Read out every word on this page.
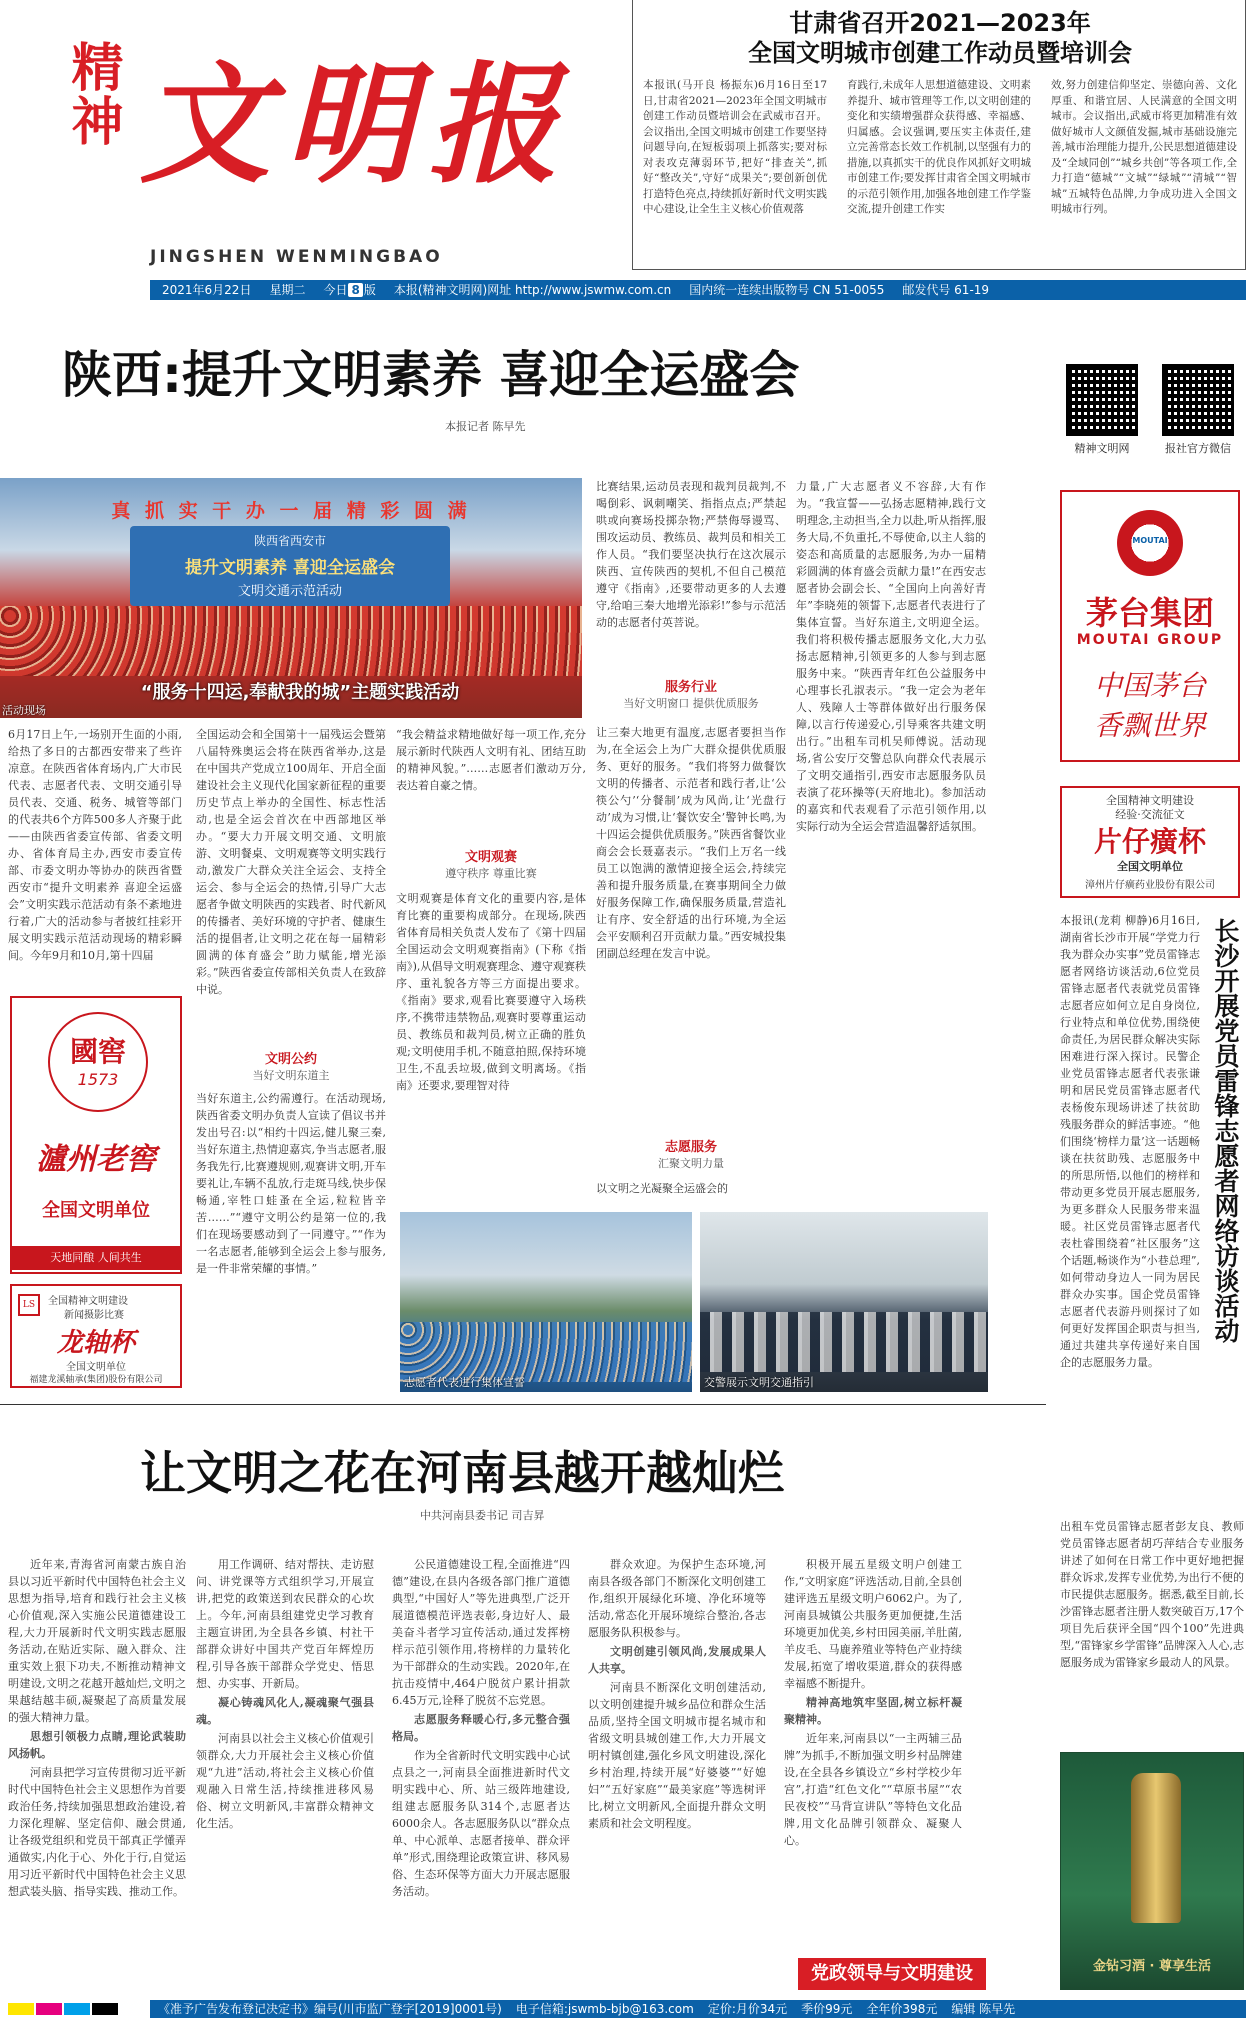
精神 文明报
JINGSHEN WENMINGBAO
甘肃省召开2021—2023年
全国文明城市创建工作动员暨培训会
本报讯(马开良 杨振东)6月16日至17日,甘肃省2021—2023年全国文明城市创建工作动员暨培训会在武威市召开。会议指出,全国文明城市创建工作要坚持问题导向,在短板弱项上抓落实;要对标对表攻克薄弱环节,把好“排查关”,抓好“整改关”,守好“成果关”;要创新创优打造特色亮点,持续抓好新时代文明实践中心建设,让全生主义核心价值观落
育践行,未成年人思想道德建设、文明素养提升、城市管理等工作,以文明创建的变化和实绩增强群众获得感、幸福感、归属感。会议强调,要压实主体责任,建立完善常态长效工作机制,以坚强有力的措施,以真抓实干的优良作风抓好文明城市创建工作;要发挥甘肃省全国文明城市的示范引领作用,加强各地创建工作学鉴交流,提升创建工作实
效,努力创建信仰坚定、崇德向善、文化厚重、和谐宜居、人民满意的全国文明城市。会议指出,武威市将更加精准有效做好城市人文颜值发掘,城市基础设施完善,城市治理能力提升,公民思想道德建设及“全域同创”“城乡共创”等各项工作,全力打造“德城”“文城”“绿城”“清城”“智城”五城特色品牌,力争成功进入全国文明城市行列。
2021年6月22日 星期二 今日 8 版 本报(精神文明网)网址 http://www.jswmw.com.cn 国内统一连续出版物号 CN 51-0055 邮发代号 61-19
陕西:提升文明素养 喜迎全运盛会
本报记者 陈早先
真 抓 实 干 办 一 届 精 彩 圆 满
陕西省西安市
提升文明素养 喜迎全运盛会
文明交通示范活动
“服务十四运,奉献我的城”主题实践活动
活动现场
6月17日上午,一场别开生面的小雨,给热了多日的古都西安带来了些许凉意。在陕西省体育场内,广大市民代表、志愿者代表、文明交通引导员代表、交通、税务、城管等部门的代表共6个方阵500多人齐聚于此——由陕西省委宣传部、省委文明办、省体育局主办,西安市委宣传部、市委文明办等协办的陕西省暨西安市“提升文明素养 喜迎全运盛会”文明实践示范活动有条不紊地进行着,广大的活动参与者披红挂彩开展文明实践示范活动现场的精彩瞬间。今年9月和10月,第十四届
全国运动会和全国第十一届残运会暨第八届特殊奥运会将在陕西省举办,这是在中国共产党成立100周年、开启全面建设社会主义现代化国家新征程的重要历史节点上举办的全国性、标志性活动,也是全运会首次在中西部地区举办。“要大力开展文明交通、文明旅游、文明餐桌、文明观赛等文明实践行动,激发广大群众关注全运会、支持全运会、参与全运会的热情,引导广大志愿者争做文明陕西的实践者、时代新风的传播者、美好环境的守护者、健康生活的提倡者,让文明之花在每一届精彩圆满的体育盛会”助力赋能,增光添彩。”陕西省委宣传部相关负责人在致辞中说。
文明公约
当好文明东道主
当好东道主,公约需遵行。在活动现场,陕西省委文明办负责人宣读了倡议书并发出号召:以“相约十四运,健儿聚三秦,当好东道主,热情迎嘉宾,争当志愿者,服务我先行,比赛遵规则,观赛讲文明,开车要礼让,车辆不乱放,行走斑马线,快步保畅通,宰牲口蛙蚤在全运,粒粒皆辛苦……”“遵守文明公约是第一位的,我们在现场要感动到了一同遵守。”“作为一名志愿者,能够到全运会上参与服务,是一件非常荣耀的事情。”
“我会精益求精地做好每一项工作,充分展示新时代陕西人文明有礼、团结互助的精神风貌。”……志愿者们激动万分,表达着自豪之情。
文明观赛
遵守秩序 尊重比赛
文明观赛是体育文化的重要内容,是体育比赛的重要构成部分。在现场,陕西省体育局相关负责人发布了《第十四届全国运动会文明观赛指南》(下称《指南》),从倡导文明观赛理念、遵守观赛秩序、重礼貌各方等三方面提出要求。《指南》要求,观看比赛要遵守入场秩序,不携带违禁物品,观赛时要尊重运动员、教练员和裁判员,树立正确的胜负观;文明使用手机,不随意拍照,保持环境卫生,不乱丢垃圾,做到文明离场。《指南》还要求,要理智对待
比赛结果,运动员表现和裁判员裁判,不喝倒彩、讽刺嘲笑、指指点点;严禁起哄或向赛场投掷杂物;严禁侮辱谩骂、围攻运动员、教练员、裁判员和相关工作人员。“我们要坚决执行在这次展示陕西、宣传陕西的契机,不但自己模范遵守《指南》,还要带动更多的人去遵守,给咱三秦大地增光添彩!”参与示范活动的志愿者付英菩说。
服务行业
当好文明窗口 提供优质服务
让三秦大地更有温度,志愿者要担当作为,在全运会上为广大群众提供优质服务、更好的服务。“我们将努力做餐饮文明的传播者、示范者和践行者,让‘公筷公勺’‘分餐制’成为风尚,让‘光盘行动’成为习惯,让‘餐饮安全’警钟长鸣,为十四运会提供优质服务。”陕西省餐饮业商会会长聂嘉表示。“我们上万名一线员工以饱满的激情迎接全运会,持续完善和提升服务质量,在赛事期间全力做好服务保障工作,确保服务质量,营造礼让有序、安全舒适的出行环境,为全运会平安顺利召开贡献力量。”西安城投集团副总经理在发言中说。
志愿服务
汇聚文明力量
以文明之光凝聚全运盛会的
力量,广大志愿者义不容辞,大有作为。“我宣誓——弘扬志愿精神,践行文明理念,主动担当,全力以赴,听从指挥,服务大局,不负重托,不辱使命,以主人翁的姿态和高质量的志愿服务,为办一届精彩圆满的体育盛会贡献力量!”在西安志愿者协会副会长、“全国向上向善好青年”李晓苑的领誓下,志愿者代表进行了集体宣誓。当好东道主,文明迎全运。我们将积极传播志愿服务文化,大力弘扬志愿精神,引领更多的人参与到志愿服务中来。“陕西青年红色公益服务中心理事长孔淑表示。“我一定会为老年人、残障人士等群体做好出行服务保障,以言行传递爱心,引导乘客共建文明出行。”出租车司机吴师傅说。活动现场,省公安厅交警总队向群众代表展示了文明交通指引,西安市志愿服务队员表演了花环操等(天府地北)。参加活动的嘉宾和代表观看了示范引领作用,以实际行动为全运会营造温馨舒适氛围。
志愿者代表进行集体宣誓	交警展示文明交通指引
國窖
1573
瀘州老窖
全国文明单位
天地同酿 人间共生
LS	全国精神文明建设
新闻摄影比赛
龙轴杯
全国文明单位
福建龙溪轴承(集团)股份有限公司
精神文明网	报社官方微信
MOUTAI
茅台集团
MOUTAI GROUP
中国茅台
香飘世界
全国精神文明建设
经验·交流征文
片仔癀杯
全国文明单位
漳州片仔癀药业股份有限公司
本报讯(龙莉 柳静)6月16日,湖南省长沙市开展“学党力行 我为群众办实事”党员雷锋志愿者网络访谈活动,6位党员雷锋志愿者代表就党员雷锋志愿者应如何立足自身岗位,行业特点和单位优势,围绕使命责任,为居民群众解决实际困难进行深入探讨。民警企业党员雷锋志愿者代表张谦明和居民党员雷锋志愿者代表杨俊东现场讲述了扶贫助残服务群众的鲜活事迹。“他们围绕‘榜样力量’这一话题畅谈在扶贫助残、志愿服务中的所思所悟,以他们的榜样和带动更多党员开展志愿服务,为更多群众人民服务带来温暖。社区党员雷锋志愿者代表杜睿围绕着“社区服务”这个话题,畅谈作为“小巷总理”,如何带动身边人一同为居民群众办实事。国企党员雷锋志愿者代表游丹则探讨了如何更好发挥国企职责与担当,通过共建共享传递好来自国企的志愿服务力量。
长沙开展党员雷锋志愿者网络访谈活动
出租车党员雷锋志愿者彭友良、教师党员雷锋志愿者胡巧萍结合专业服务讲述了如何在日常工作中更好地把握群众诉求,发挥专业优势,为出行不便的市民提供志愿服务。据悉,截至目前,长沙雷锋志愿者注册人数突破百万,17个项目先后获评全国“四个100”先进典型,“雷锋家乡学雷锋”品牌深入人心,志愿服务成为雷锋家乡最动人的风景。
金钻习酒 · 尊享生活
让文明之花在河南县越开越灿烂
中共河南县委书记 司吉昇

近年来,青海省河南蒙古族自治县以习近平新时代中国特色社会主义思想为指导,培育和践行社会主义核心价值观,深入实施公民道德建设工程,大力开展新时代文明实践志愿服务活动,在贴近实际、融入群众、注重实效上狠下功夫,不断推动精神文明建设,文明之花越开越灿烂,文明之果越结越丰硕,凝聚起了高质量发展的强大精神力量。

思想引领极力点睛,理论武装助风扬帆。

河南县把学习宣传贯彻习近平新时代中国特色社会主义思想作为首要政治任务,持续加强思想政治建设,着力深化理解、坚定信仰、融会贯通,让各级党组织和党员干部真正学懂弄通做实,内化于心、外化于行,自觉运用习近平新时代中国特色社会主义思想武装头脑、指导实践、推动工作。

用工作调研、结对帮扶、走访慰问、讲党课等方式组织学习,开展宣讲,把党的政策送到农民群众的心坎上。今年,河南县组建党史学习教育主题宣讲团,为全县各乡镇、村社干部群众讲好中国共产党百年辉煌历程,引导各族干部群众学党史、悟思想、办实事、开新局。

凝心铸魂风化人,凝魂聚气强县魂。

河南县以社会主义核心价值观引领群众,大力开展社会主义核心价值观“九进”活动,将社会主义核心价值观融入日常生活,持续推进移风易俗、树立文明新风,丰富群众精神文化生活。

公民道德建设工程,全面推进“四德”建设,在县内各级各部门推广道德典型,“中国好人”等先进典型,广泛开展道德模范评选表彰,身边好人、最美奋斗者学习宣传活动,通过发挥榜样示范引领作用,将榜样的力量转化为干部群众的生动实践。2020年,在抗击疫情中,464户脱贫户累计捐款6.45万元,诠释了脱贫不忘党恩。

志愿服务释暖心行,多元整合强格局。

作为全省新时代文明实践中心试点县之一,河南县全面推进新时代文明实践中心、所、站三级阵地建设,组建志愿服务队314个,志愿者达6000余人。各志愿服务队以“群众点单、中心派单、志愿者接单、群众评单”形式,围绕理论政策宣讲、移风易俗、生态环保等方面大力开展志愿服务活动。

群众欢迎。为保护生态环境,河南县各级各部门不断深化文明创建工作,组织开展绿化环境、净化环境等活动,常态化开展环境综合整治,各志愿服务队积极参与。

文明创建引领风尚,发展成果人人共享。

河南县不断深化文明创建活动,以文明创建提升城乡品位和群众生活品质,坚持全国文明城市提名城市和省级文明县城创建工作,大力开展文明村镇创建,强化乡风文明建设,深化乡村治理,持续开展“好婆婆”“好媳妇”“五好家庭”“最美家庭”等选树评比,树立文明新风,全面提升群众文明素质和社会文明程度。

积极开展五星级文明户创建工作,“文明家庭”评选活动,目前,全县创建评选五星级文明户6062户。为了,河南县城镇公共服务更加便捷,生活环境更加优美,乡村田园美丽,羊肚菌,羊皮毛、马鹿养殖业等特色产业持续发展,拓宽了增收渠道,群众的获得感幸福感不断提升。

精神高地筑牢坚固,树立标杆凝聚精神。

近年来,河南县以“一主两辅三品牌”为抓手,不断加强文明乡村品牌建设,在全县各乡镇设立“乡村学校少年宫”,打造“红色文化”“草原书屋”“农民夜校”“马背宣讲队”等特色文化品牌,用文化品牌引领群众、凝聚人心。

党政领导与文明建设
《准予广告发布登记决定书》编号(川市监广登字[2019]0001号) 电子信箱:jswmb-bjb@163.com 定价:月价34元 季价99元 全年价398元 编辑 陈早先
